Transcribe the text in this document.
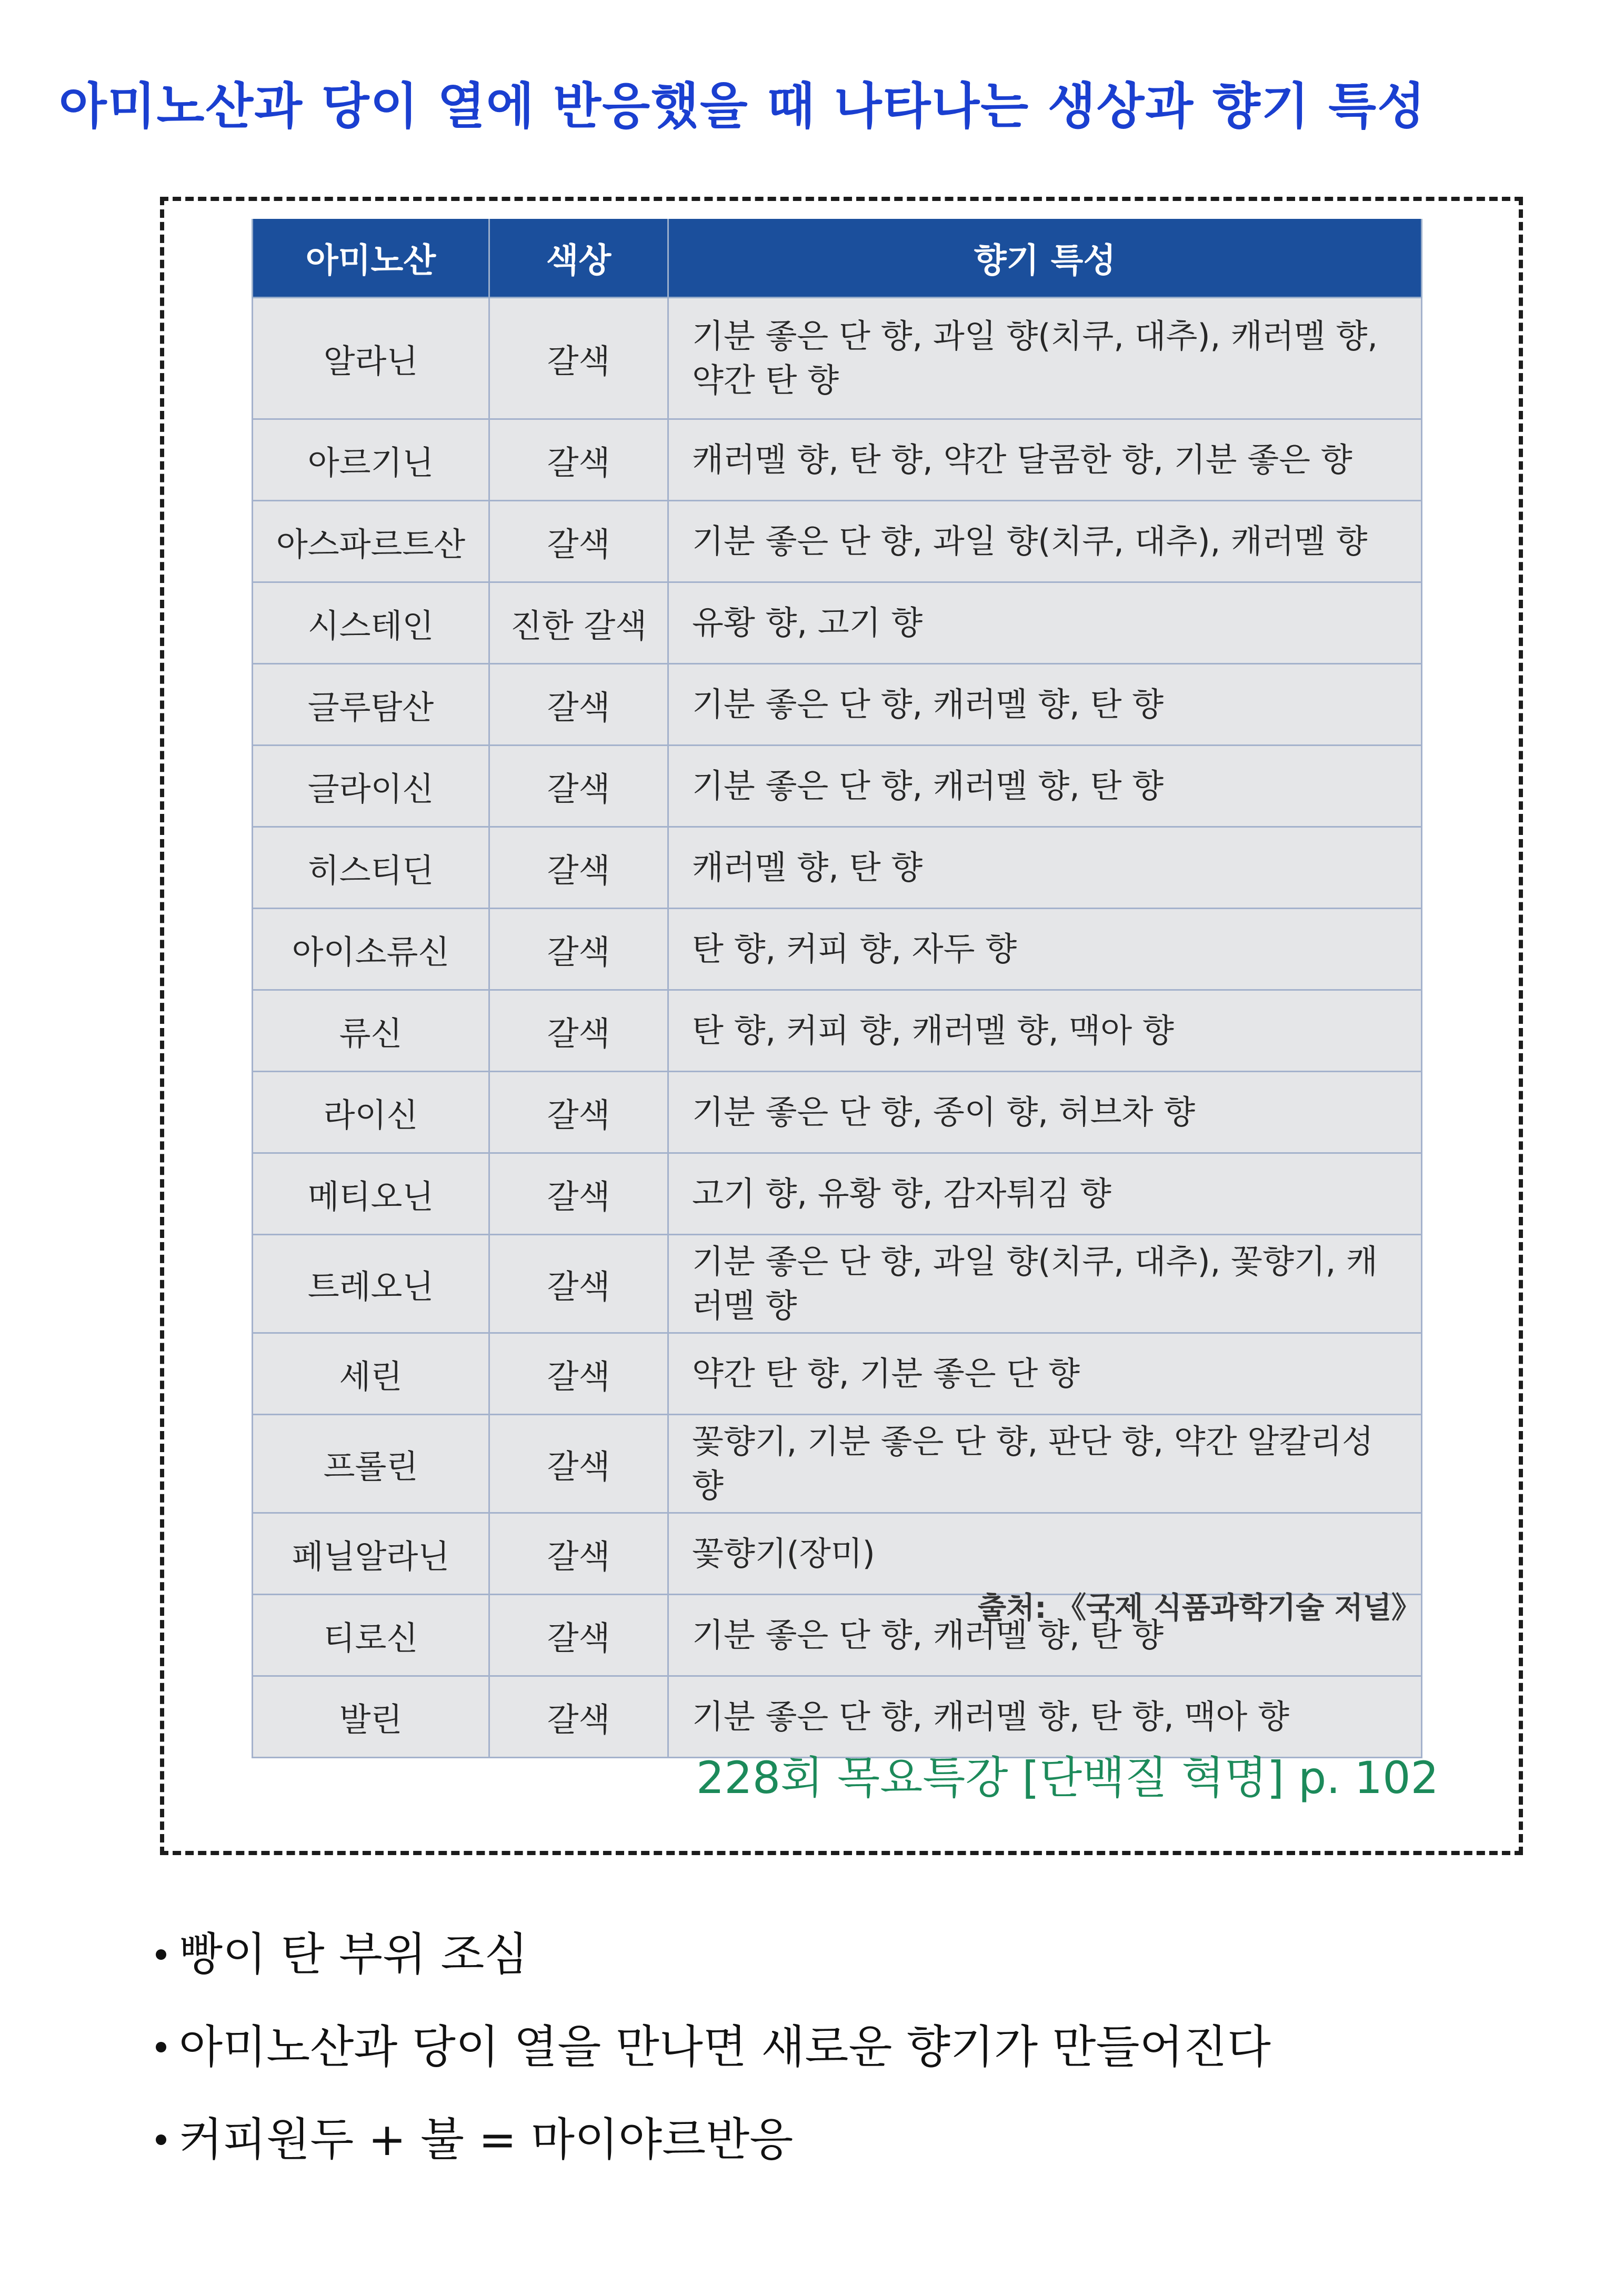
아미노산과 당이 열에 반응했을 때 나타나는 생상과 향기 특성
아미노산	색상	향기 특성
알라닌	갈색	기분 좋은 단 향, 과일 향(치쿠, 대추), 캐러멜 향, 약간 탄 향
아르기닌	갈색	캐러멜 향, 탄 향, 약간 달콤한 향, 기분 좋은 향
아스파르트산	갈색	기분 좋은 단 향, 과일 향(치쿠, 대추), 캐러멜 향
시스테인	진한 갈색	유황 향, 고기 향
글루탐산	갈색	기분 좋은 단 향, 캐러멜 향, 탄 향
글라이신	갈색	기분 좋은 단 향, 캐러멜 향, 탄 향
히스티딘	갈색	캐러멜 향, 탄 향
아이소류신	갈색	탄 향, 커피 향, 자두 향
류신	갈색	탄 향, 커피 향, 캐러멜 향, 맥아 향
라이신	갈색	기분 좋은 단 향, 종이 향, 허브차 향
메티오닌	갈색	고기 향, 유황 향, 감자튀김 향
트레오닌	갈색	기분 좋은 단 향, 과일 향(치쿠, 대추), 꽃향기, 캐러멜 향
세린	갈색	약간 탄 향, 기분 좋은 단 향
프롤린	갈색	꽃향기, 기분 좋은 단 향, 판단 향, 약간 알칼리성 향
페닐알라닌	갈색	꽃향기(장미)
티로신	갈색	기분 좋은 단 향, 캐러멜 향, 탄 향
발린	갈색	기분 좋은 단 향, 캐러멜 향, 탄 향, 맥아 향
출처: 《국제 식품과학기술 저널》
228회 목요특강 [단백질 혁명] p. 102
빵이 탄 부위 조심
아미노산과 당이 열을 만나면 새로운 향기가 만들어진다
커피원두 + 불 = 마이야르반응
